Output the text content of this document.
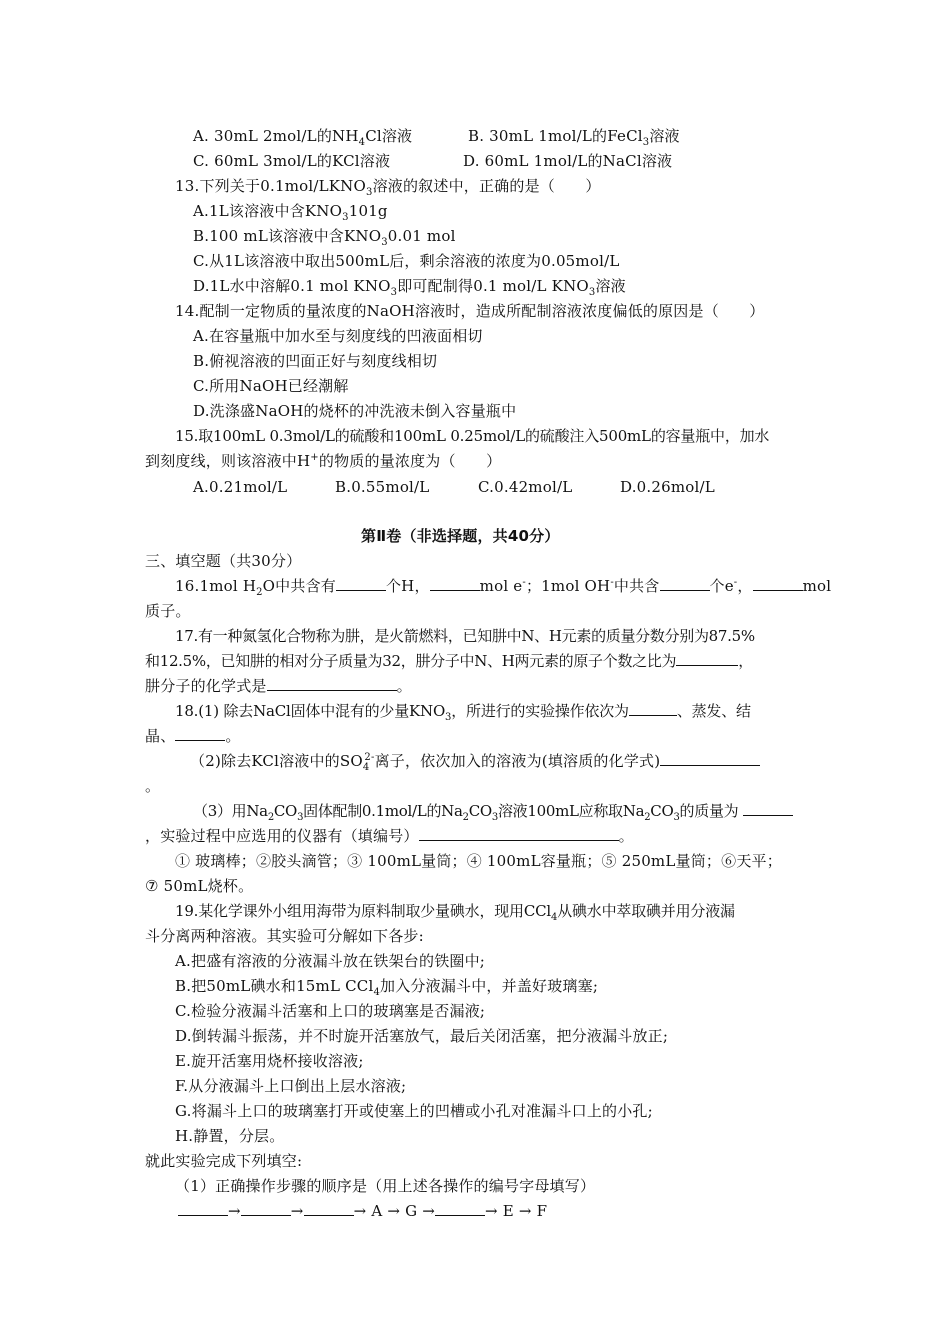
A. 30mL 2mol/L的$NH_4Cl$溶液	B. 30mL 1mol/L的FeCl$_3$溶液
C. 60mL 3mol/L的KCl溶液	D. 60mL 1mol/L的NaCl溶液
13.下列关于$0.1mol/LKNO_3$溶液的叙述中，正确的是（　　）
A.1L该溶液中含$KNO_3101g$
B.100 mL该溶液中含$KNO_30.01$ mol
C.从1L该溶液中取出500mL后，剩余溶液的浓度为0.05mol/L
D.1L水中溶解0.1 mol $KNO_3$即可配制得0.1 mol/L $KNO_3$溶液
14.配制一定物质的量浓度的NaOH溶液时，造成所配制溶液浓度偏低的原因是（　　）
A.在容量瓶中加水至与刻度线的凹液面相切
B.俯视溶液的凹面正好与刻度线相切
C.所用NaOH已经潮解
D.洗涤盛NaOH的烧杯的冲洗液未倒入容量瓶中
15.取100mL 0.3mol/L的硫酸和100mL 0.25mol/L的硫酸注入500mL的容量瓶中，加水
到刻度线，则该溶液中H+的物质的量浓度为（　　）
A.0.21mol/L	B.0.55mol/L	C.0.42mol/L	D.0.26mol/L
第Ⅱ卷（非选择题，共40分）
三、填空题（共30分）
16.1mol $H_2O$中共含有	个H，	mol e-；1mol OH-中共含	个e-，	mol
质子。
17.有一种氮氢化合物称为肼，是火箭燃料，已知肼中N、H元素的质量分数分别为87.5%
和12.5%，已知肼的相对分子质量为32，肼分子中N、H两元素的原子个数之比为	，
肼分子的化学式是	。
18.(1) 除去NaCl固体中混有的少量$KNO_3$，所进行的实验操作依次为	、蒸发、结
晶、	。
（2)除去KCl溶液中的$SO_4^{2-}$离子，依次加入的溶液为(填溶质的化学式)
。
（3）用$Na_2CO_3$固体配制0.1mol/L的$Na_2CO_3$溶液100mL应称取$Na_2CO_3$的质量为
，实验过程中应选用的仪器有（填编号）	。
① 玻璃棒；②胶头滴管；③ 100mL量筒；④ 100mL容量瓶；⑤ 250mL量筒；⑥天平；
⑦ 50mL烧杯。
19.某化学课外小组用海带为原料制取少量碘水，现用CCl$_4$从碘水中萃取碘并用分液漏
斗分离两种溶液。其实验可分解如下各步:
A.把盛有溶液的分液漏斗放在铁架台的铁圈中;
B.把50mL碘水和15mL CCl$_4$加入分液漏斗中，并盖好玻璃塞;
C.检验分液漏斗活塞和上口的玻璃塞是否漏液;
D.倒转漏斗振荡，并不时旋开活塞放气，最后关闭活塞，把分液漏斗放正;
E.旋开活塞用烧杯接收溶液;
F.从分液漏斗上口倒出上层水溶液;
G.将漏斗上口的玻璃塞打开或使塞上的凹槽或小孔对准漏斗口上的小孔;
H.静置，分层。
就此实验完成下列填空:
（1）正确操作步骤的顺序是（用上述各操作的编号字母填写）
→	→	→ A → G →	→ E → F
